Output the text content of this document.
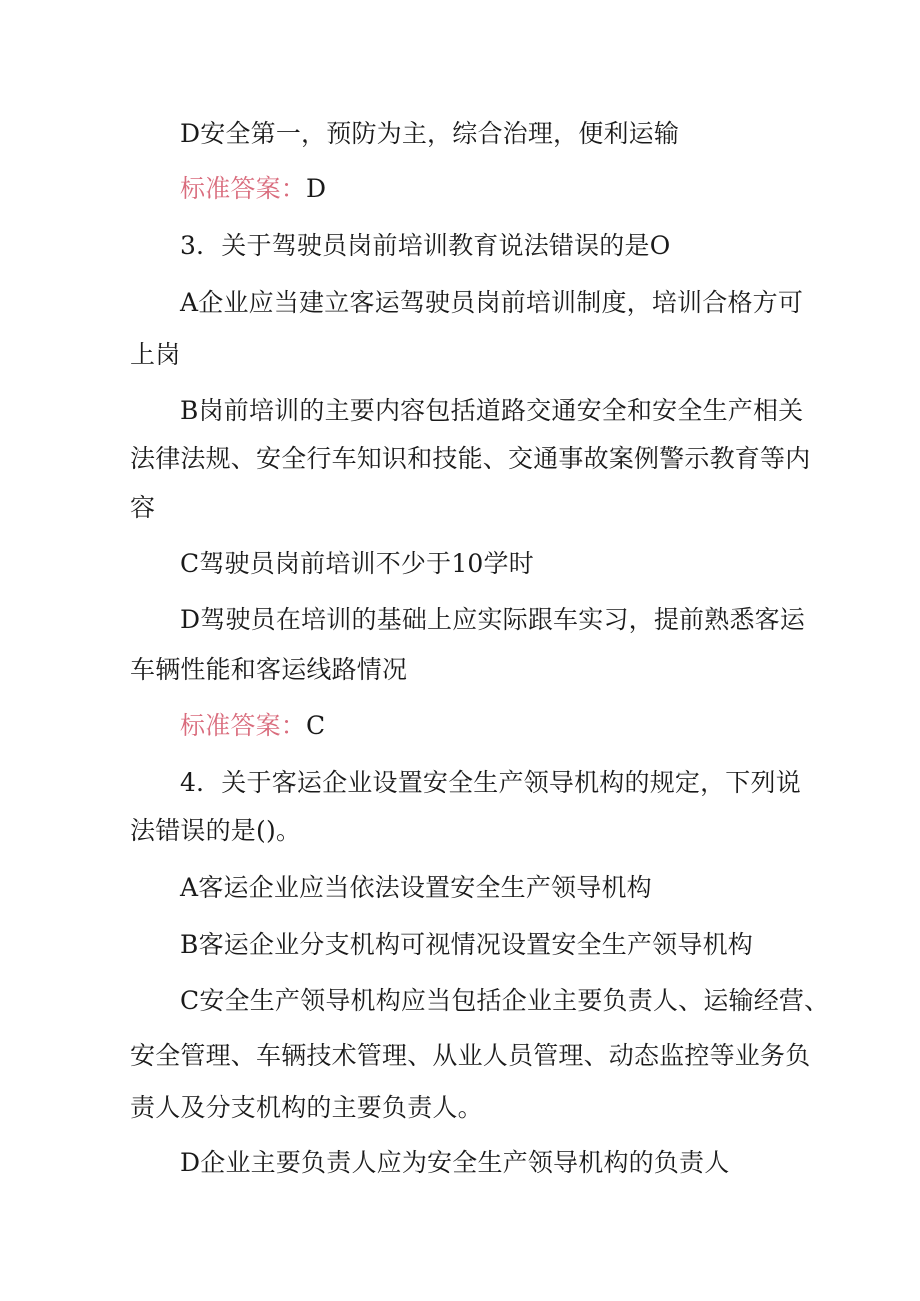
D安全第一，预防为主，综合治理，便利运输

标准答案：D

3．关于驾驶员岗前培训教育说法错误的是O

A企业应当建立客运驾驶员岗前培训制度，培训合格方可

上岗

B岗前培训的主要内容包括道路交通安全和安全生产相关

法律法规、安全行车知识和技能、交通事故案例警示教育等内

容

C驾驶员岗前培训不少于10学时

D驾驶员在培训的基础上应实际跟车实习，提前熟悉客运

车辆性能和客运线路情况

标准答案：C

4．关于客运企业设置安全生产领导机构的规定，下列说

法错误的是()。

A客运企业应当依法设置安全生产领导机构

B客运企业分支机构可视情况设置安全生产领导机构

C安全生产领导机构应当包括企业主要负责人、运输经营、

安全管理、车辆技术管理、从业人员管理、动态监控等业务负

责人及分支机构的主要负责人。

D企业主要负责人应为安全生产领导机构的负责人
